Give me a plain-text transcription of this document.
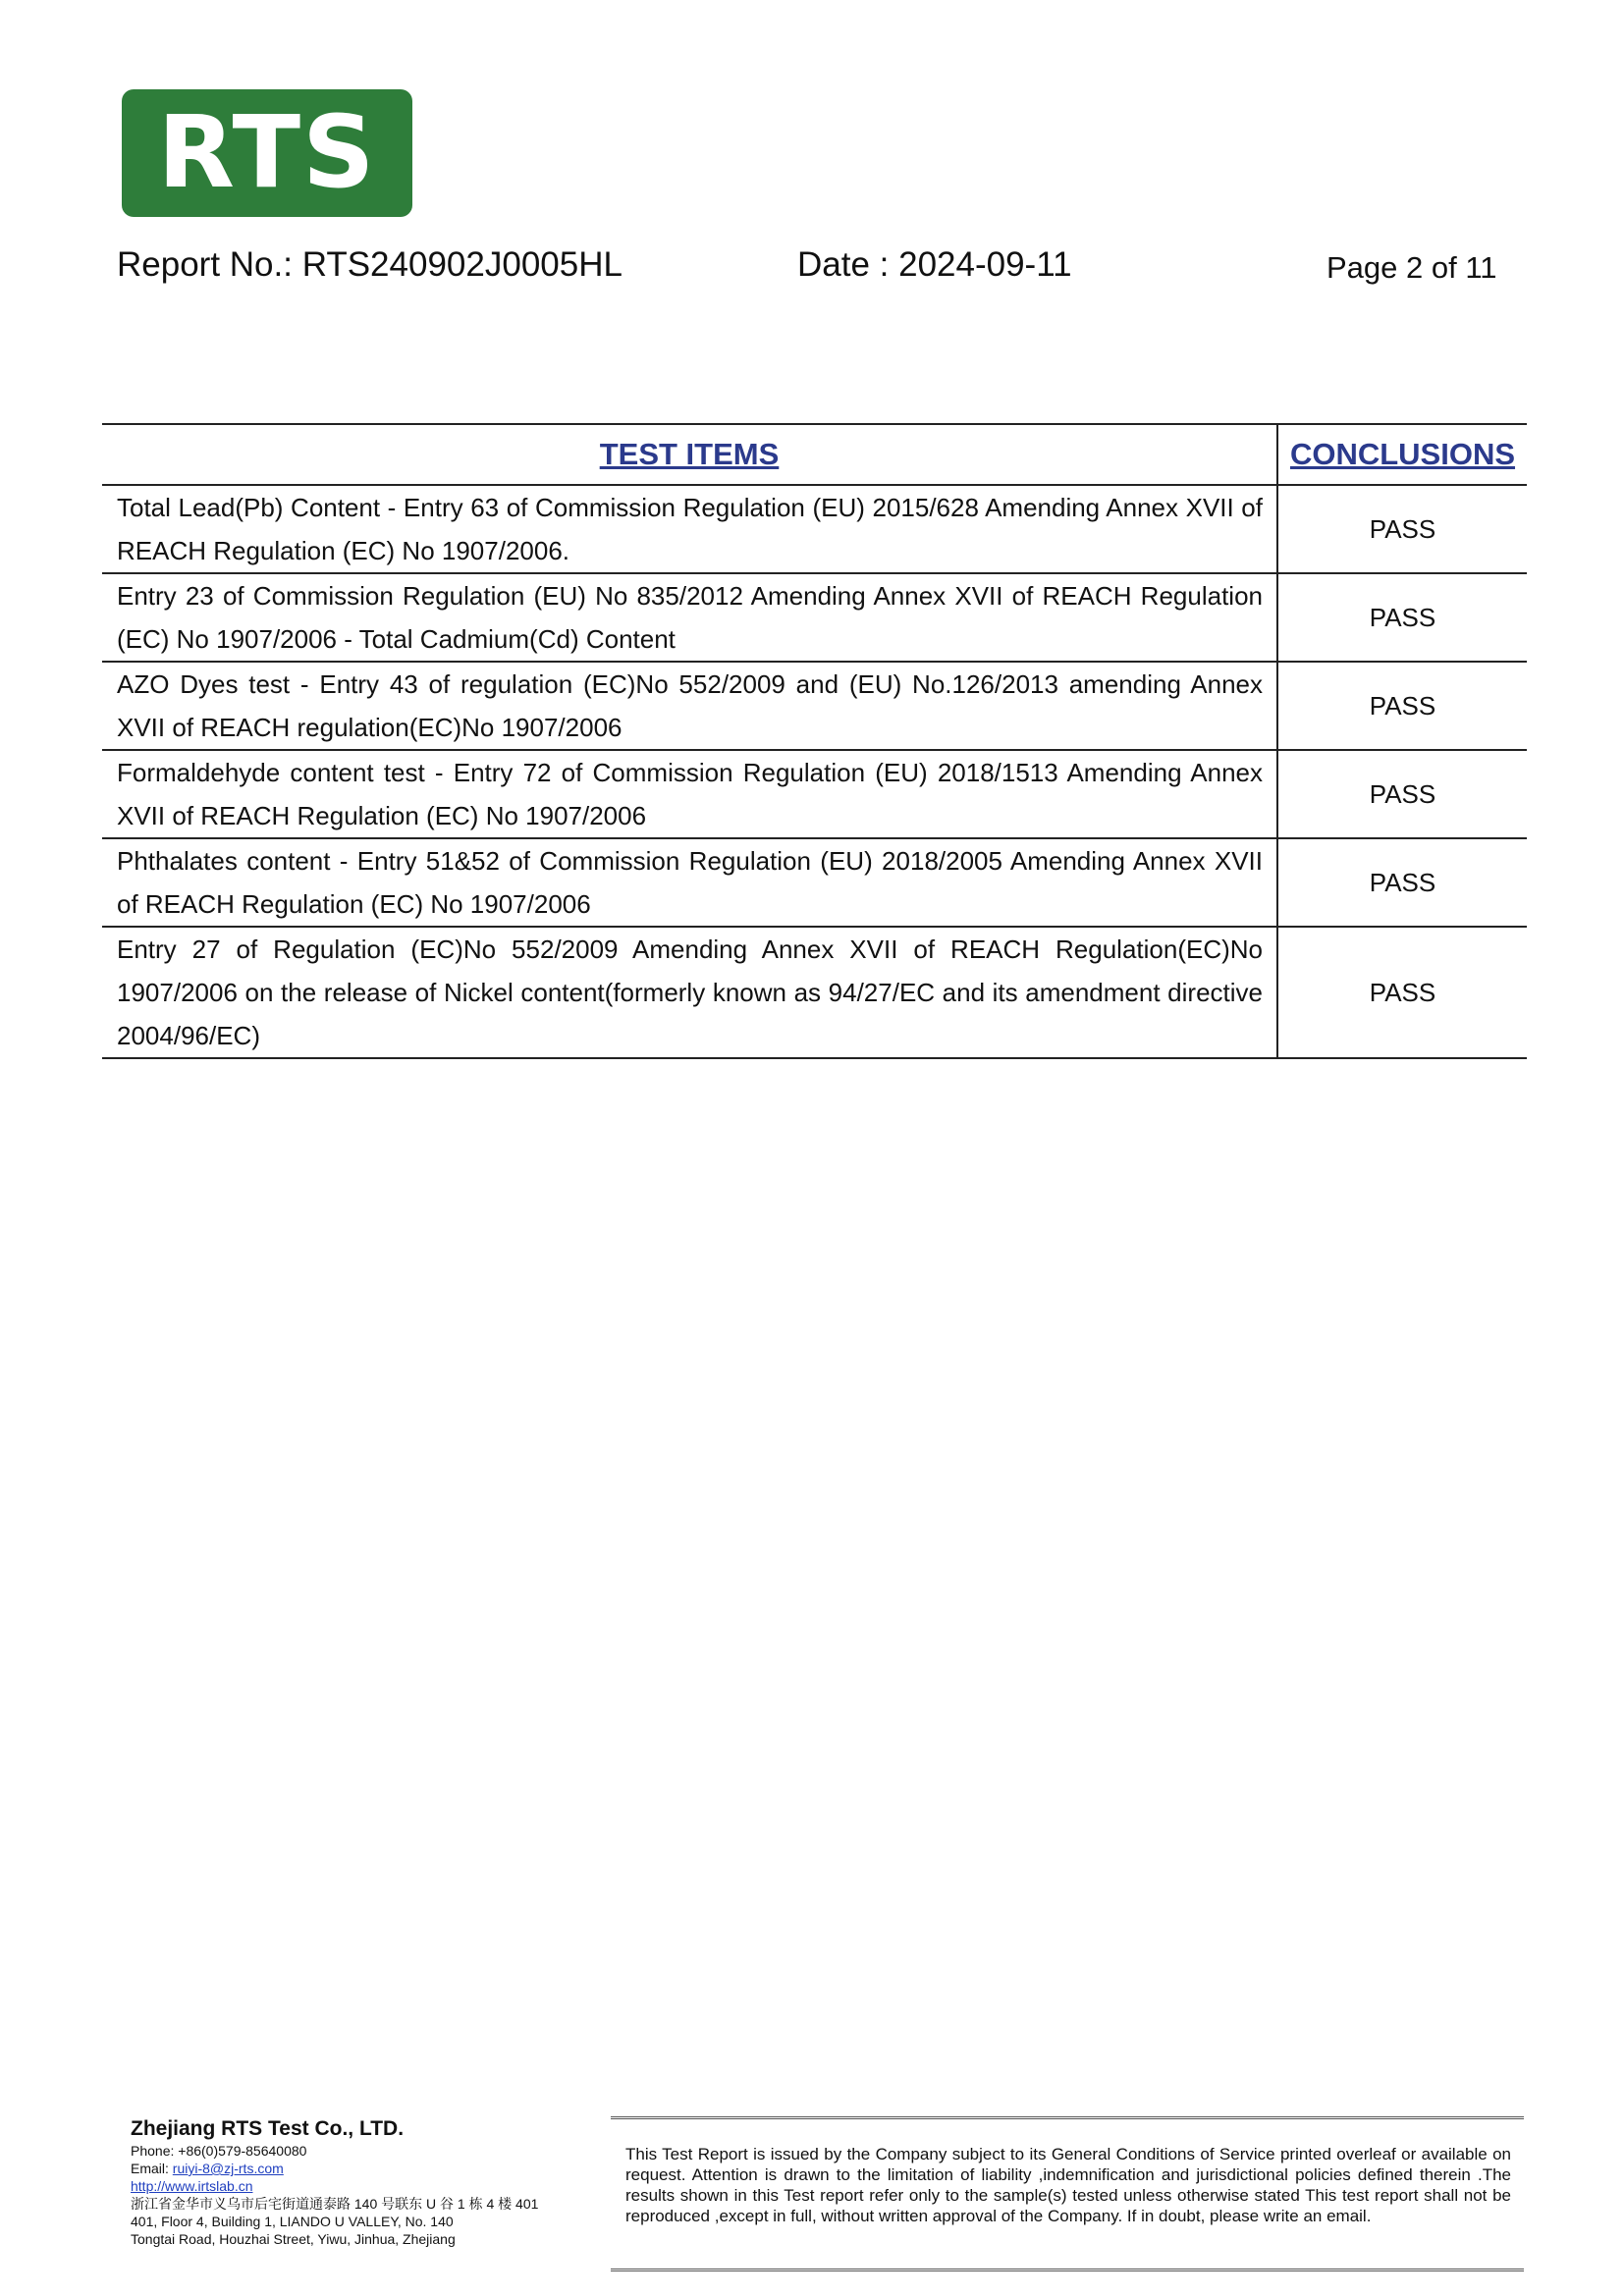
RTS
Report No.: RTS240902J0005HL	Date : 2024-09-11	Page 2 of 11
TEST ITEMS	CONCLUSIONS
Total Lead(Pb) Content - Entry 63 of Commission Regulation (EU) 2015/628 Amending Annex XVII of REACH Regulation (EC) No 1907/2006.	PASS
Entry 23 of Commission Regulation (EU) No 835/2012 Amending Annex XVII of REACH Regulation (EC) No 1907/2006 - Total Cadmium(Cd) Content	PASS
AZO Dyes test - Entry 43 of regulation (EC)No 552/2009 and (EU) No.126/2013 amending Annex XVII of REACH regulation(EC)No 1907/2006	PASS
Formaldehyde content test - Entry 72 of Commission Regulation (EU) 2018/1513 Amending Annex XVII of REACH Regulation (EC) No 1907/2006	PASS
Phthalates content - Entry 51&52 of Commission Regulation (EU) 2018/2005 Amending Annex XVII of REACH Regulation (EC) No 1907/2006	PASS
Entry 27 of Regulation (EC)No 552/2009 Amending Annex XVII of REACH Regulation(EC)No 1907/2006 on the release of Nickel content(formerly known as 94/27/EC and its amendment directive 2004/96/EC)	PASS
Zhejiang RTS Test Co., LTD.
Phone: +86(0)579-85640080
Email: ruiyi-8@zj-rts.com
http://www.irtslab.cn
浙江省金华市义乌市后宅街道通泰路 140 号联东 U 谷 1 栋 4 楼 401
401, Floor 4, Building 1, LIANDO U VALLEY, No. 140
Tongtai Road, Houzhai Street, Yiwu, Jinhua, Zhejiang
This Test Report is issued by the Company subject to its General Conditions of Service printed overleaf or available on request. Attention is drawn to the limitation of liability ,indemnification and jurisdictional policies defined therein .The results shown in this Test report refer only to the sample(s) tested unless otherwise stated This test report shall not be reproduced ,except in full, without written approval of the Company. If in doubt, please write an email.
